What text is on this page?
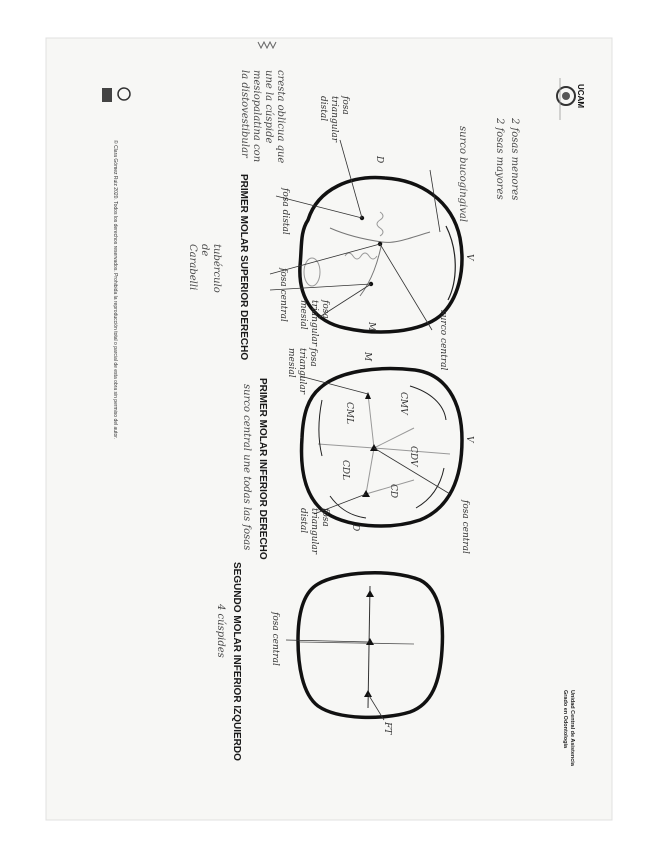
UCAM
Unidad Central de Asistencia
Grado en Odontología
© Clara Gómez Ruiz 2020. Todos los derechos reservados. Prohibida la reproducción total o parcial de esta obra sin permiso del autor.	2 fosas menores
2 fosas mayores
surco bucogingival
cresta oblicua que une la cúspide mesiopalatina con la distovestibular
tubérculo de Carabelli	PRIMER MOLAR SUPERIOR DERECHO	V
D
M
fosa triangular distal
fosa distal
fosa central
surco central
fosa triangular mesial
PRIMER MOLAR INFERIOR DERECHO
surco central une todas las fosas	V
D
M
CMV
CML
CDV
CDL
CD
fosa central
fosa triangular mesial
fosa triangular distal
SEGUNDO MOLAR INFERIOR IZQUIERDO
4 cúspides	fosa central
FT
